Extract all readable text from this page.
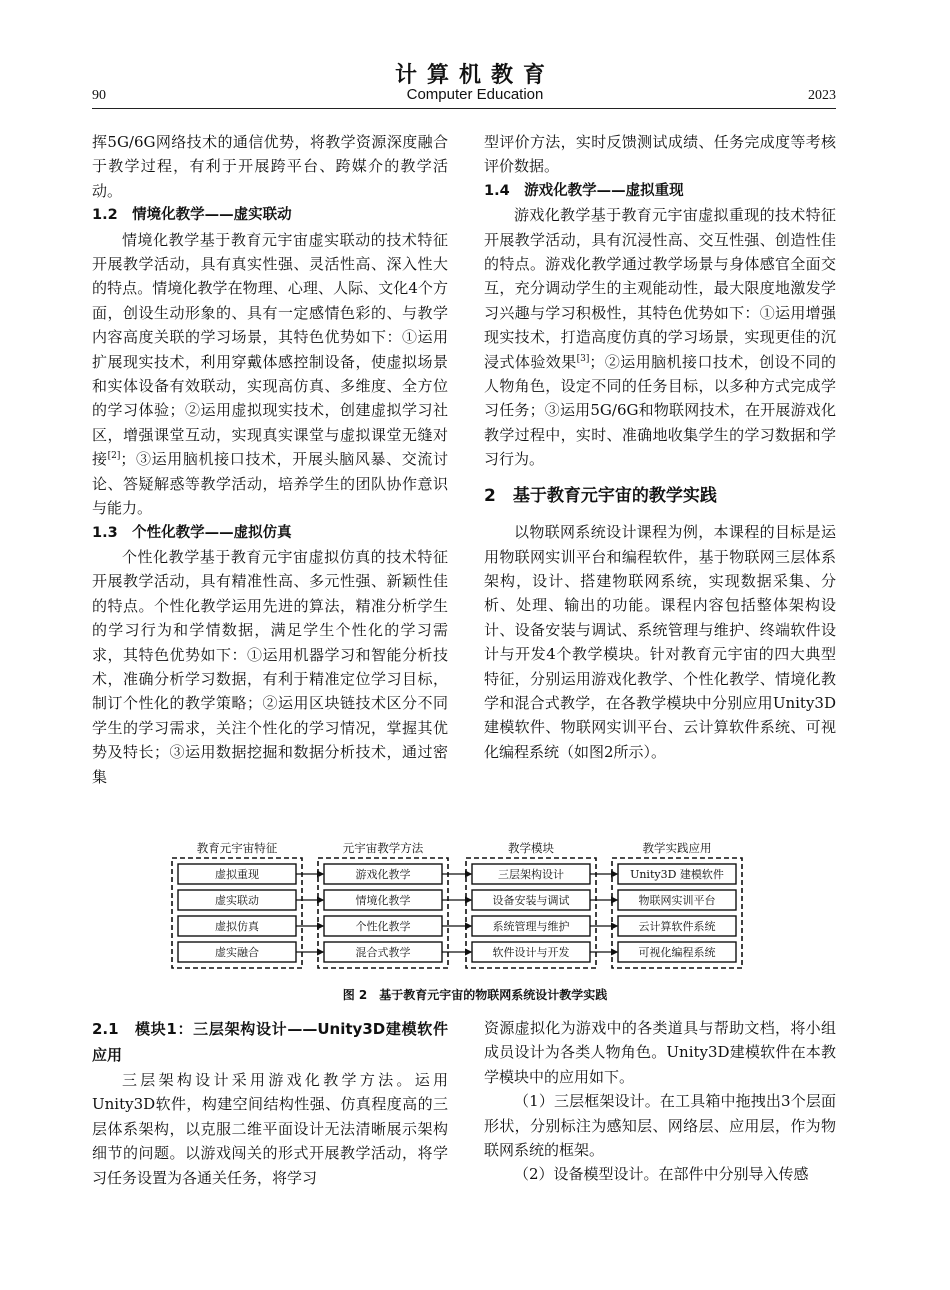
计算机教育
90	Computer Education	2023

挥5G/6G网络技术的通信优势，将教学资源深度融合于教学过程，有利于开展跨平台、跨媒介的教学活动。

1.2　情境化教学——虚实联动

情境化教学基于教育元宇宙虚实联动的技术特征开展教学活动，具有真实性强、灵活性高、深入性大的特点。情境化教学在物理、心理、人际、文化4个方面，创设生动形象的、具有一定感情色彩的、与教学内容高度关联的学习场景，其特色优势如下：①运用扩展现实技术，利用穿戴体感控制设备，使虚拟场景和实体设备有效联动，实现高仿真、多维度、全方位的学习体验；②运用虚拟现实技术，创建虚拟学习社区，增强课堂互动，实现真实课堂与虚拟课堂无缝对接[2]；③运用脑机接口技术，开展头脑风暴、交流讨论、答疑解惑等教学活动，培养学生的团队协作意识与能力。

1.3　个性化教学——虚拟仿真

个性化教学基于教育元宇宙虚拟仿真的技术特征开展教学活动，具有精准性高、多元性强、新颖性佳的特点。个性化教学运用先进的算法，精准分析学生的学习行为和学情数据，满足学生个性化的学习需求，其特色优势如下：①运用机器学习和智能分析技术，准确分析学习数据，有利于精准定位学习目标，制订个性化的教学策略；②运用区块链技术区分不同学生的学习需求，关注个性化的学习情况，掌握其优势及特长；③运用数据挖掘和数据分析技术，通过密集

型评价方法，实时反馈测试成绩、任务完成度等考核评价数据。

1.4　游戏化教学——虚拟重现

游戏化教学基于教育元宇宙虚拟重现的技术特征开展教学活动，具有沉浸性高、交互性强、创造性佳的特点。游戏化教学通过教学场景与身体感官全面交互，充分调动学生的主观能动性，最大限度地激发学习兴趣与学习积极性，其特色优势如下：①运用增强现实技术，打造高度仿真的学习场景，实现更佳的沉浸式体验效果[3]；②运用脑机接口技术，创设不同的人物角色，设定不同的任务目标，以多种方式完成学习任务；③运用5G/6G和物联网技术，在开展游戏化教学过程中，实时、准确地收集学生的学习数据和学习行为。

2　基于教育元宇宙的教学实践

以物联网系统设计课程为例，本课程的目标是运用物联网实训平台和编程软件，基于物联网三层体系架构，设计、搭建物联网系统，实现数据采集、分析、处理、输出的功能。课程内容包括整体架构设计、设备安装与调试、系统管理与维护、终端软件设计与开发4个教学模块。针对教育元宇宙的四大典型特征，分别运用游戏化教学、个性化教学、情境化教学和混合式教学，在各教学模块中分别应用Unity3D建模软件、物联网实训平台、云计算软件系统、可视化编程系统（如图2所示）。

教育元宇宙特征
虚拟重现
虚实联动
虚拟仿真
虚实融合
元宇宙教学方法
游戏化教学
情境化教学
个性化教学
混合式教学
教学模块
三层架构设计
设备安装与调试
系统管理与维护
软件设计与开发
教学实践应用
Unity3D 建模软件
物联网实训平台
云计算软件系统
可视化编程系统
图 2　基于教育元宇宙的物联网系统设计教学实践

2.1　模块1：三层架构设计——Unity3D建模软件应用

三层架构设计采用游戏化教学方法。运用Unity3D软件，构建空间结构性强、仿真程度高的三层体系架构，以克服二维平面设计无法清晰展示架构细节的问题。以游戏闯关的形式开展教学活动，将学习任务设置为各通关任务，将学习

资源虚拟化为游戏中的各类道具与帮助文档，将小组成员设计为各类人物角色。Unity3D建模软件在本教学模块中的应用如下。

（1）三层框架设计。在工具箱中拖拽出3个层面形状，分别标注为感知层、网络层、应用层，作为物联网系统的框架。

（2）设备模型设计。在部件中分别导入传感
